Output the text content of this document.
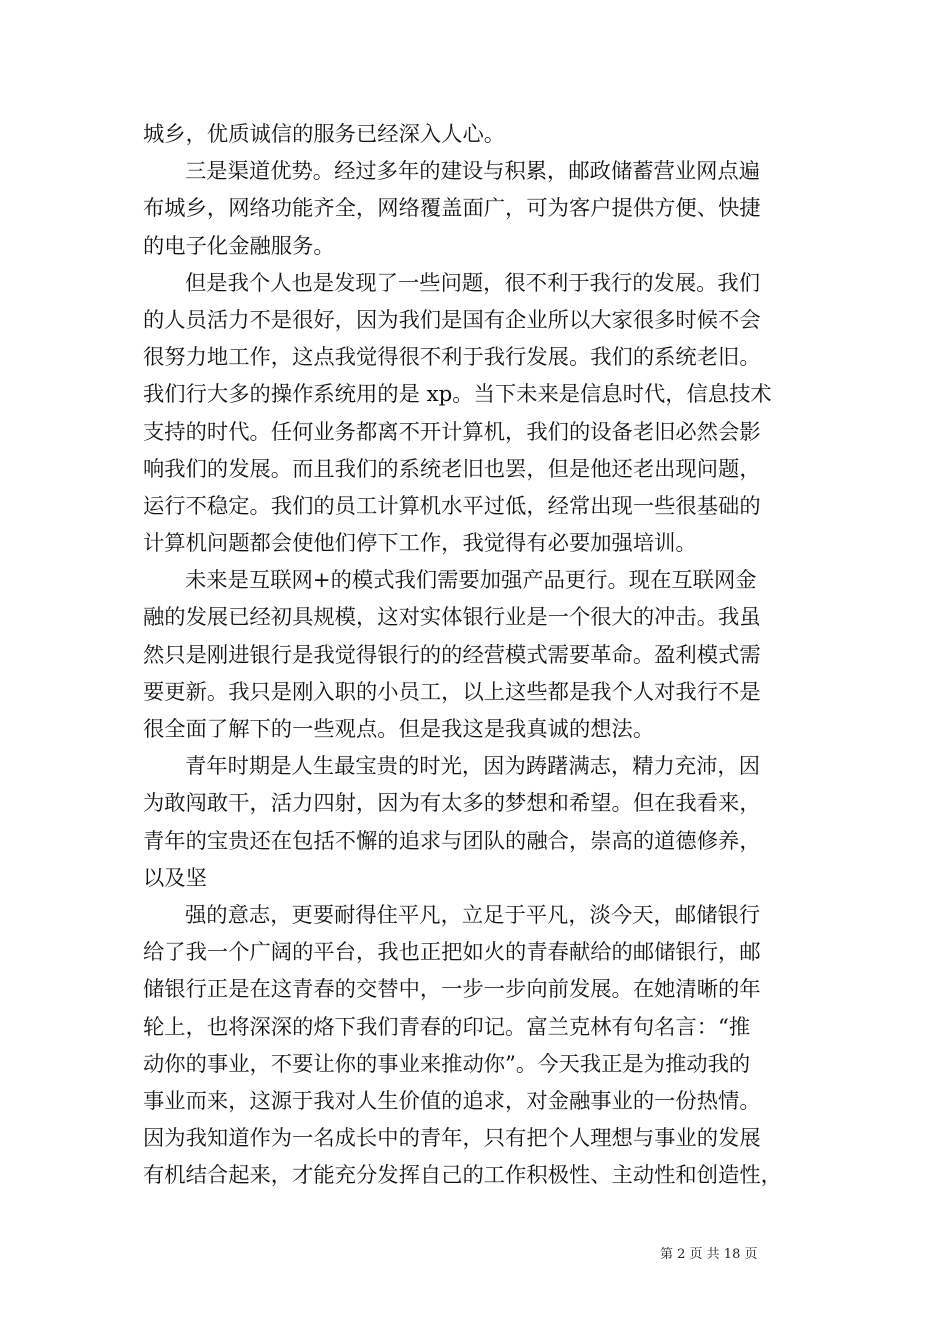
城乡，优质诚信的服务已经深入人心。
三是渠道优势。经过多年的建设与积累，邮政储蓄营业网点遍
布城乡，网络功能齐全，网络覆盖面广，可为客户提供方便、快捷
的电子化金融服务。
但是我个人也是发现了一些问题，很不利于我行的发展。我们
的人员活力不是很好，因为我们是国有企业所以大家很多时候不会
很努力地工作，这点我觉得很不利于我行发展。我们的系统老旧。
我们行大多的操作系统用的是 xp。当下未来是信息时代，信息技术
支持的时代。任何业务都离不开计算机，我们的设备老旧必然会影
响我们的发展。而且我们的系统老旧也罢，但是他还老出现问题，
运行不稳定。我们的员工计算机水平过低，经常出现一些很基础的
计算机问题都会使他们停下工作，我觉得有必要加强培训。
未来是互联网+的模式我们需要加强产品更行。现在互联网金
融的发展已经初具规模，这对实体银行业是一个很大的冲击。我虽
然只是刚进银行是我觉得银行的的经营模式需要革命。盈利模式需
要更新。我只是刚入职的小员工，以上这些都是我个人对我行不是
很全面了解下的一些观点。但是我这是我真诚的想法。
青年时期是人生最宝贵的时光，因为踌躇满志，精力充沛，因
为敢闯敢干，活力四射，因为有太多的梦想和希望。但在我看来，
青年的宝贵还在包括不懈的追求与团队的融合，崇高的道德修养，
以及坚
强的意志，更要耐得住平凡，立足于平凡，淡今天，邮储银行
给了我一个广阔的平台，我也正把如火的青春献给的邮储银行，邮
储银行正是在这青春的交替中，一步一步向前发展。在她清晰的年
轮上，也将深深的烙下我们青春的印记。富兰克林有句名言：“推
动你的事业，不要让你的事业来推动你”。今天我正是为推动我的
事业而来，这源于我对人生价值的追求，对金融事业的一份热情。
因为我知道作为一名成长中的青年，只有把个人理想与事业的发展
有机结合起来，才能充分发挥自己的工作积极性、主动性和创造性，
第 2 页 共 18 页
